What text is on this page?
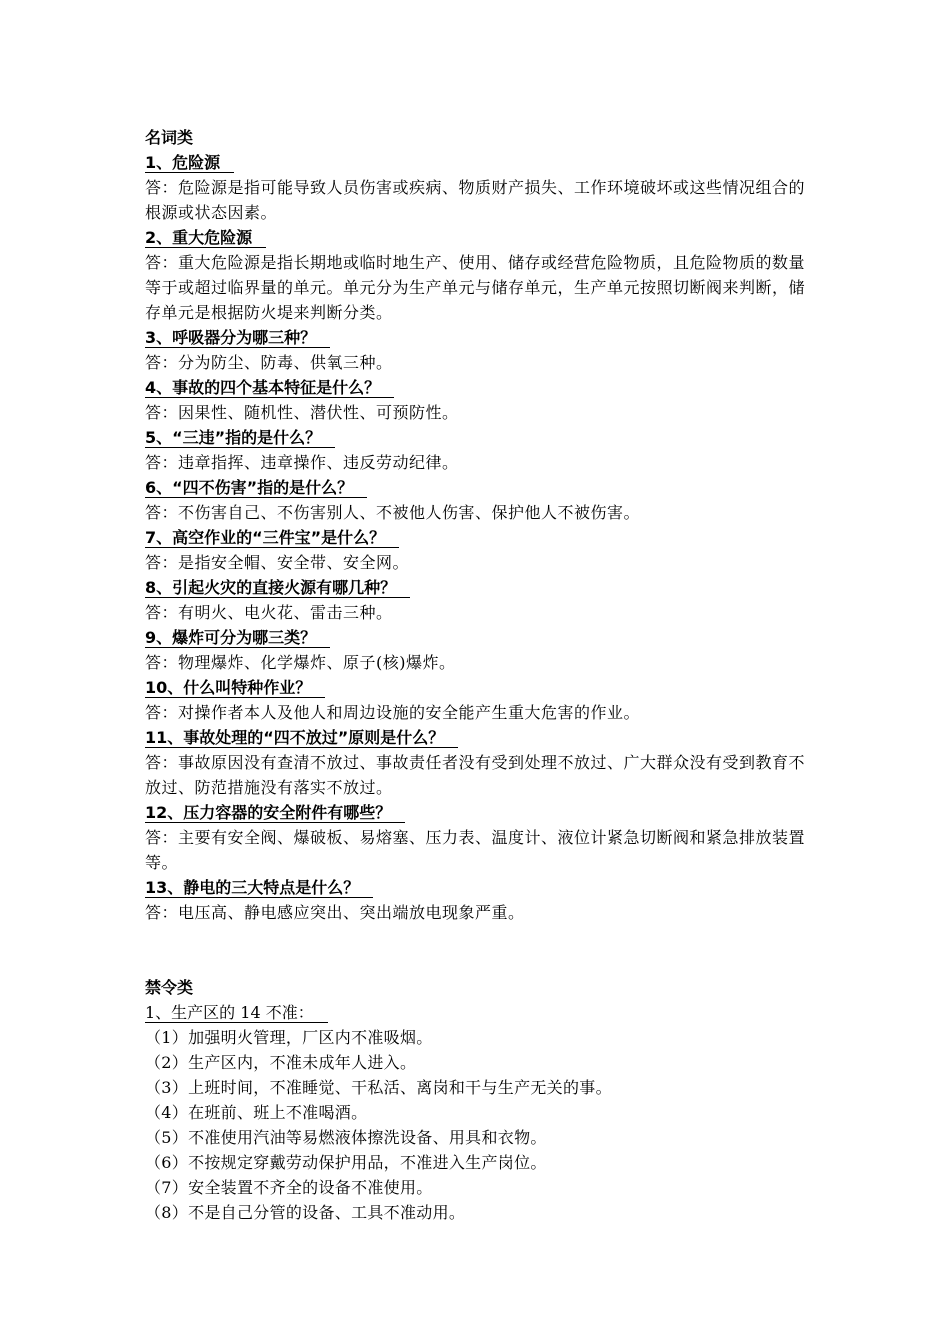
名词类
1、危险源
答：危险源是指可能导致人员伤害或疾病、物质财产损失、工作环境破坏或这些情况组合的根源或状态因素。
2、重大危险源
答：重大危险源是指长期地或临时地生产、使用、储存或经营危险物质，且危险物质的数量等于或超过临界量的单元。单元分为生产单元与储存单元，生产单元按照切断阀来判断，储存单元是根据防火堤来判断分类。
3、呼吸器分为哪三种？
答：分为防尘、防毒、供氧三种。
4、事故的四个基本特征是什么？
答：因果性、随机性、潜伏性、可预防性。
5、“三违”指的是什么？
答：违章指挥、违章操作、违反劳动纪律。
6、“四不伤害”指的是什么？
答：不伤害自己、不伤害别人、不被他人伤害、保护他人不被伤害。
7、高空作业的“三件宝”是什么？
答：是指安全帽、安全带、安全网。
8、引起火灾的直接火源有哪几种？
答：有明火、电火花、雷击三种。
9、爆炸可分为哪三类？
答：物理爆炸、化学爆炸、原子(核)爆炸。
10、什么叫特种作业？
答：对操作者本人及他人和周边设施的安全能产生重大危害的作业。
11、事故处理的“四不放过”原则是什么？
答：事故原因没有查清不放过、事故责任者没有受到处理不放过、广大群众没有受到教育不放过、防范措施没有落实不放过。
12、压力容器的安全附件有哪些？
答：主要有安全阀、爆破板、易熔塞、压力表、温度计、液位计紧急切断阀和紧急排放装置等。
13、静电的三大特点是什么？
答：电压高、静电感应突出、突出端放电现象严重。
禁令类
1、生产区的 14 不准：
（1）加强明火管理，厂区内不准吸烟。
（2）生产区内，不准未成年人进入。
（3）上班时间，不准睡觉、干私活、离岗和干与生产无关的事。
（4）在班前、班上不准喝酒。
（5）不准使用汽油等易燃液体擦洗设备、用具和衣物。
（6）不按规定穿戴劳动保护用品，不准进入生产岗位。
（7）安全装置不齐全的设备不准使用。
（8）不是自己分管的设备、工具不准动用。
